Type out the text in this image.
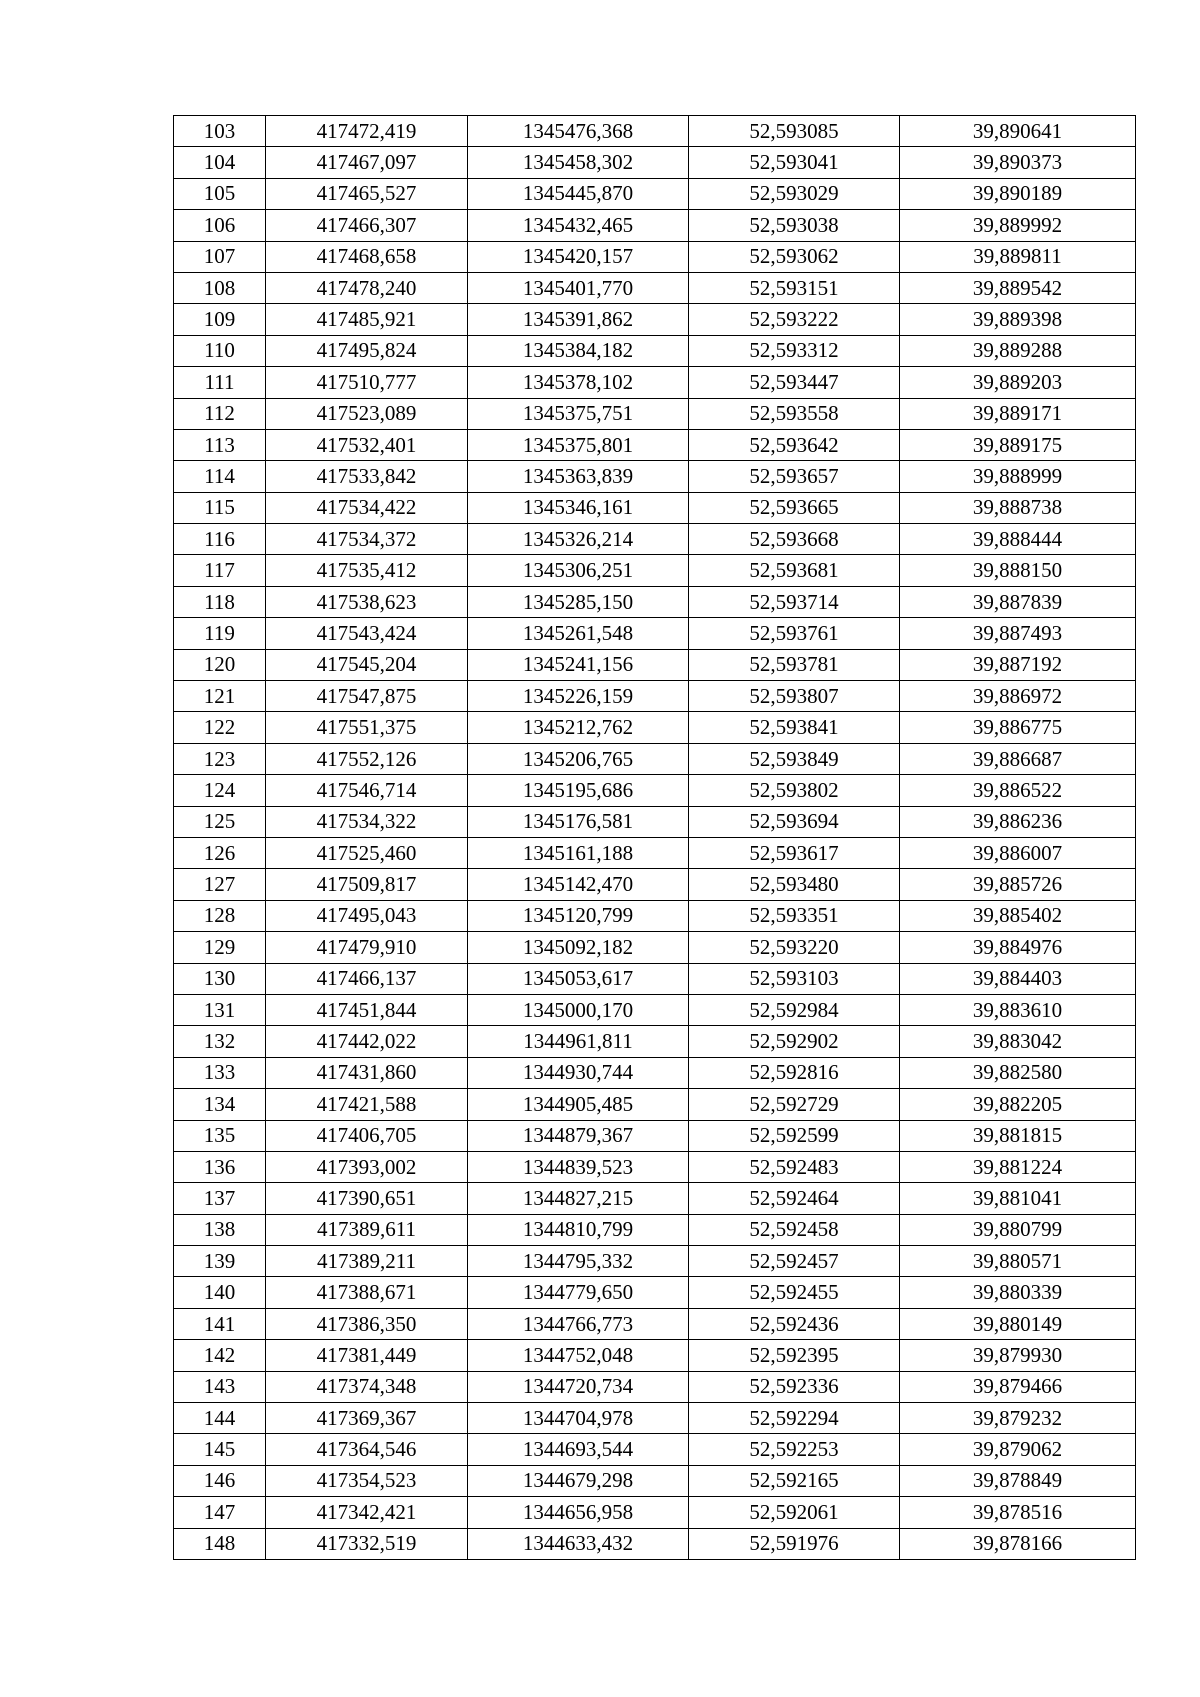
103	417472,419	1345476,368	52,593085	39,890641
104	417467,097	1345458,302	52,593041	39,890373
105	417465,527	1345445,870	52,593029	39,890189
106	417466,307	1345432,465	52,593038	39,889992
107	417468,658	1345420,157	52,593062	39,889811
108	417478,240	1345401,770	52,593151	39,889542
109	417485,921	1345391,862	52,593222	39,889398
110	417495,824	1345384,182	52,593312	39,889288
111	417510,777	1345378,102	52,593447	39,889203
112	417523,089	1345375,751	52,593558	39,889171
113	417532,401	1345375,801	52,593642	39,889175
114	417533,842	1345363,839	52,593657	39,888999
115	417534,422	1345346,161	52,593665	39,888738
116	417534,372	1345326,214	52,593668	39,888444
117	417535,412	1345306,251	52,593681	39,888150
118	417538,623	1345285,150	52,593714	39,887839
119	417543,424	1345261,548	52,593761	39,887493
120	417545,204	1345241,156	52,593781	39,887192
121	417547,875	1345226,159	52,593807	39,886972
122	417551,375	1345212,762	52,593841	39,886775
123	417552,126	1345206,765	52,593849	39,886687
124	417546,714	1345195,686	52,593802	39,886522
125	417534,322	1345176,581	52,593694	39,886236
126	417525,460	1345161,188	52,593617	39,886007
127	417509,817	1345142,470	52,593480	39,885726
128	417495,043	1345120,799	52,593351	39,885402
129	417479,910	1345092,182	52,593220	39,884976
130	417466,137	1345053,617	52,593103	39,884403
131	417451,844	1345000,170	52,592984	39,883610
132	417442,022	1344961,811	52,592902	39,883042
133	417431,860	1344930,744	52,592816	39,882580
134	417421,588	1344905,485	52,592729	39,882205
135	417406,705	1344879,367	52,592599	39,881815
136	417393,002	1344839,523	52,592483	39,881224
137	417390,651	1344827,215	52,592464	39,881041
138	417389,611	1344810,799	52,592458	39,880799
139	417389,211	1344795,332	52,592457	39,880571
140	417388,671	1344779,650	52,592455	39,880339
141	417386,350	1344766,773	52,592436	39,880149
142	417381,449	1344752,048	52,592395	39,879930
143	417374,348	1344720,734	52,592336	39,879466
144	417369,367	1344704,978	52,592294	39,879232
145	417364,546	1344693,544	52,592253	39,879062
146	417354,523	1344679,298	52,592165	39,878849
147	417342,421	1344656,958	52,592061	39,878516
148	417332,519	1344633,432	52,591976	39,878166
